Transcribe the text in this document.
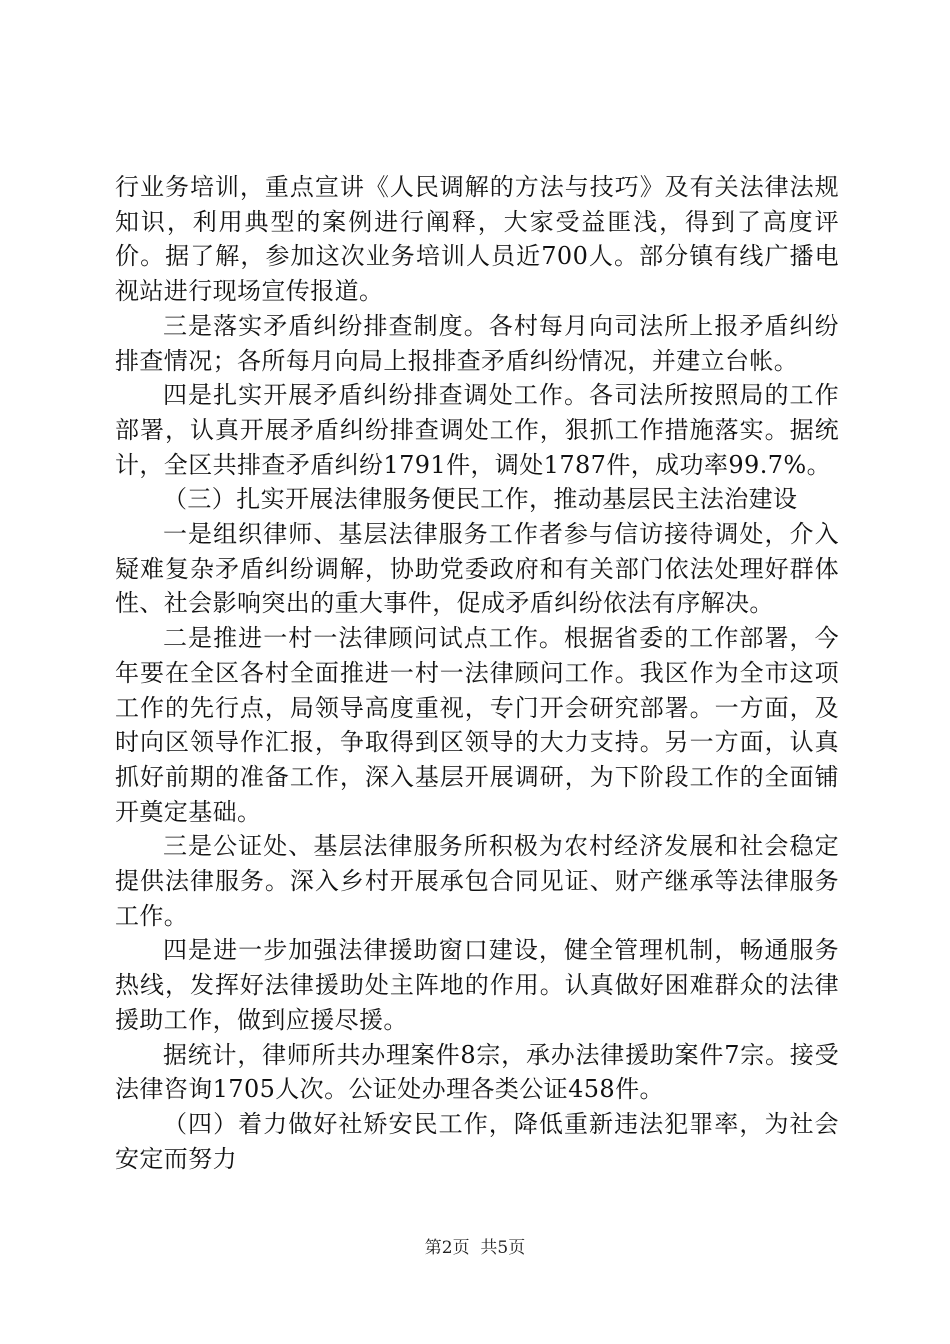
行业务培训，重点宣讲《人民调解的方法与技巧》及有关法律法规知识，利用典型的案例进行阐释，大家受益匪浅，得到了高度评价。据了解，参加这次业务培训人员近700人。部分镇有线广播电视站进行现场宣传报道。

三是落实矛盾纠纷排查制度。各村每月向司法所上报矛盾纠纷排查情况；各所每月向局上报排查矛盾纠纷情况，并建立台帐。

四是扎实开展矛盾纠纷排查调处工作。各司法所按照局的工作部署，认真开展矛盾纠纷排查调处工作，狠抓工作措施落实。据统计，全区共排查矛盾纠纷1791件，调处1787件，成功率99.7%。

（三）扎实开展法律服务便民工作，推动基层民主法治建设

一是组织律师、基层法律服务工作者参与信访接待调处，介入疑难复杂矛盾纠纷调解，协助党委政府和有关部门依法处理好群体性、社会影响突出的重大事件，促成矛盾纠纷依法有序解决。

二是推进一村一法律顾问试点工作。根据省委的工作部署，今年要在全区各村全面推进一村一法律顾问工作。我区作为全市这项工作的先行点，局领导高度重视，专门开会研究部署。一方面，及时向区领导作汇报，争取得到区领导的大力支持。另一方面，认真抓好前期的准备工作，深入基层开展调研，为下阶段工作的全面铺开奠定基础。

三是公证处、基层法律服务所积极为农村经济发展和社会稳定提供法律服务。深入乡村开展承包合同见证、财产继承等法律服务工作。

四是进一步加强法律援助窗口建设，健全管理机制，畅通服务热线，发挥好法律援助处主阵地的作用。认真做好困难群众的法律援助工作，做到应援尽援。

据统计，律师所共办理案件8宗，承办法律援助案件7宗。接受法律咨询1705人次。公证处办理各类公证458件。

（四）着力做好社矫安民工作，降低重新违法犯罪率，为社会安定而努力

第2页  共5页
